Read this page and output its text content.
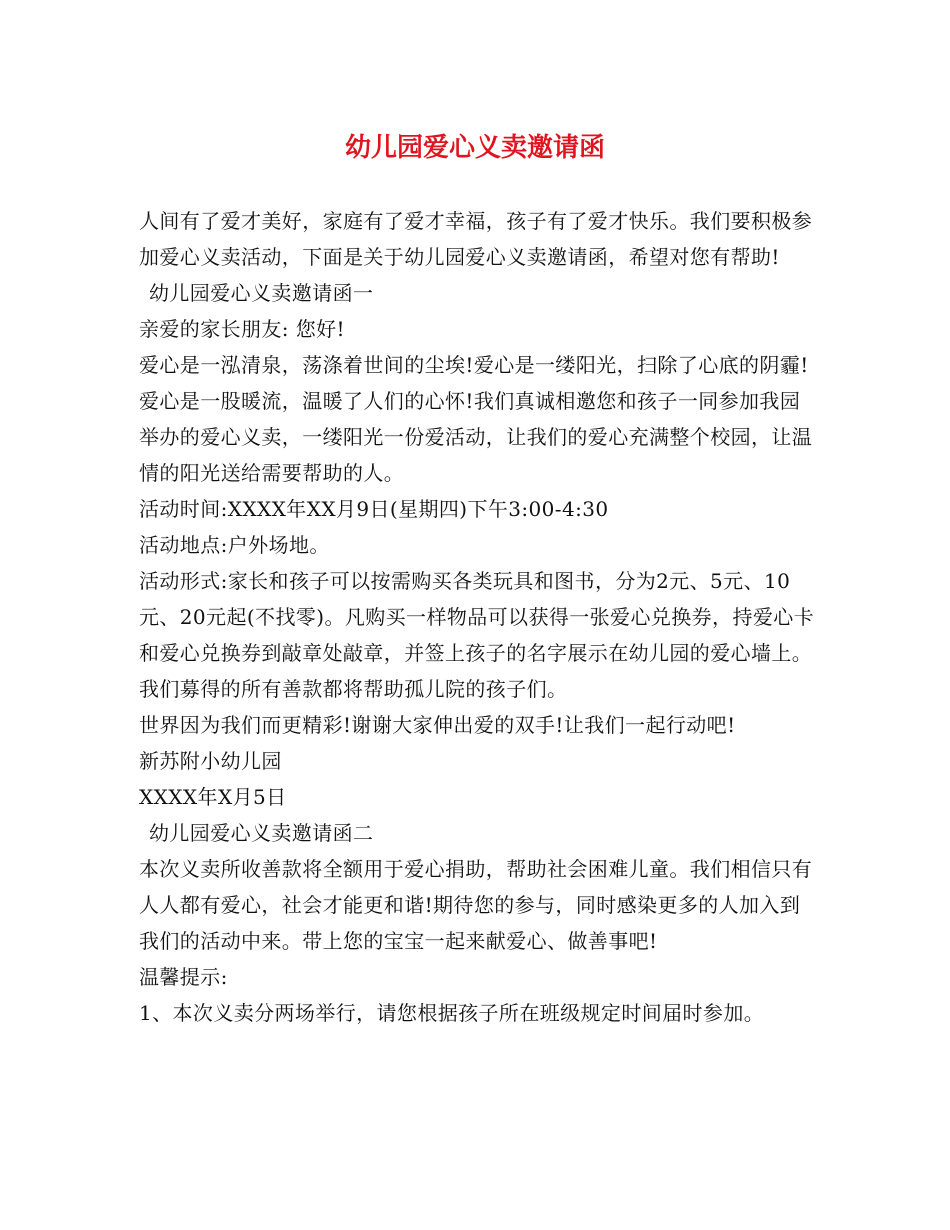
幼儿园爱心义卖邀请函

人间有了爱才美好，家庭有了爱才幸福，孩子有了爱才快乐。我们要积极参加爱心义卖活动，下面是关于幼儿园爱心义卖邀请函，希望对您有帮助!

幼儿园爱心义卖邀请函一

亲爱的家长朋友: 您好!

爱心是一泓清泉，荡涤着世间的尘埃!爱心是一缕阳光，扫除了心底的阴霾!爱心是一股暖流，温暖了人们的心怀!我们真诚相邀您和孩子一同参加我园举办的爱心义卖，一缕阳光一份爱活动，让我们的爱心充满整个校园，让温情的阳光送给需要帮助的人。

活动时间:XXXX年XX月9日(星期四)下午3:00-4:30

活动地点:户外场地。

活动形式:家长和孩子可以按需购买各类玩具和图书，分为2元、5元、10元、20元起(不找零)。凡购买一样物品可以获得一张爱心兑换券，持爱心卡和爱心兑换券到敲章处敲章，并签上孩子的名字展示在幼儿园的爱心墙上。

我们募得的所有善款都将帮助孤儿院的孩子们。

世界因为我们而更精彩!谢谢大家伸出爱的双手!让我们一起行动吧!

新苏附小幼儿园

XXXX年X月5日

幼儿园爱心义卖邀请函二

本次义卖所收善款将全额用于爱心捐助，帮助社会困难儿童。我们相信只有人人都有爱心，社会才能更和谐!期待您的参与，同时感染更多的人加入到我们的活动中来。带上您的宝宝一起来献爱心、做善事吧!

温馨提示:

1、本次义卖分两场举行，请您根据孩子所在班级规定时间届时参加。
